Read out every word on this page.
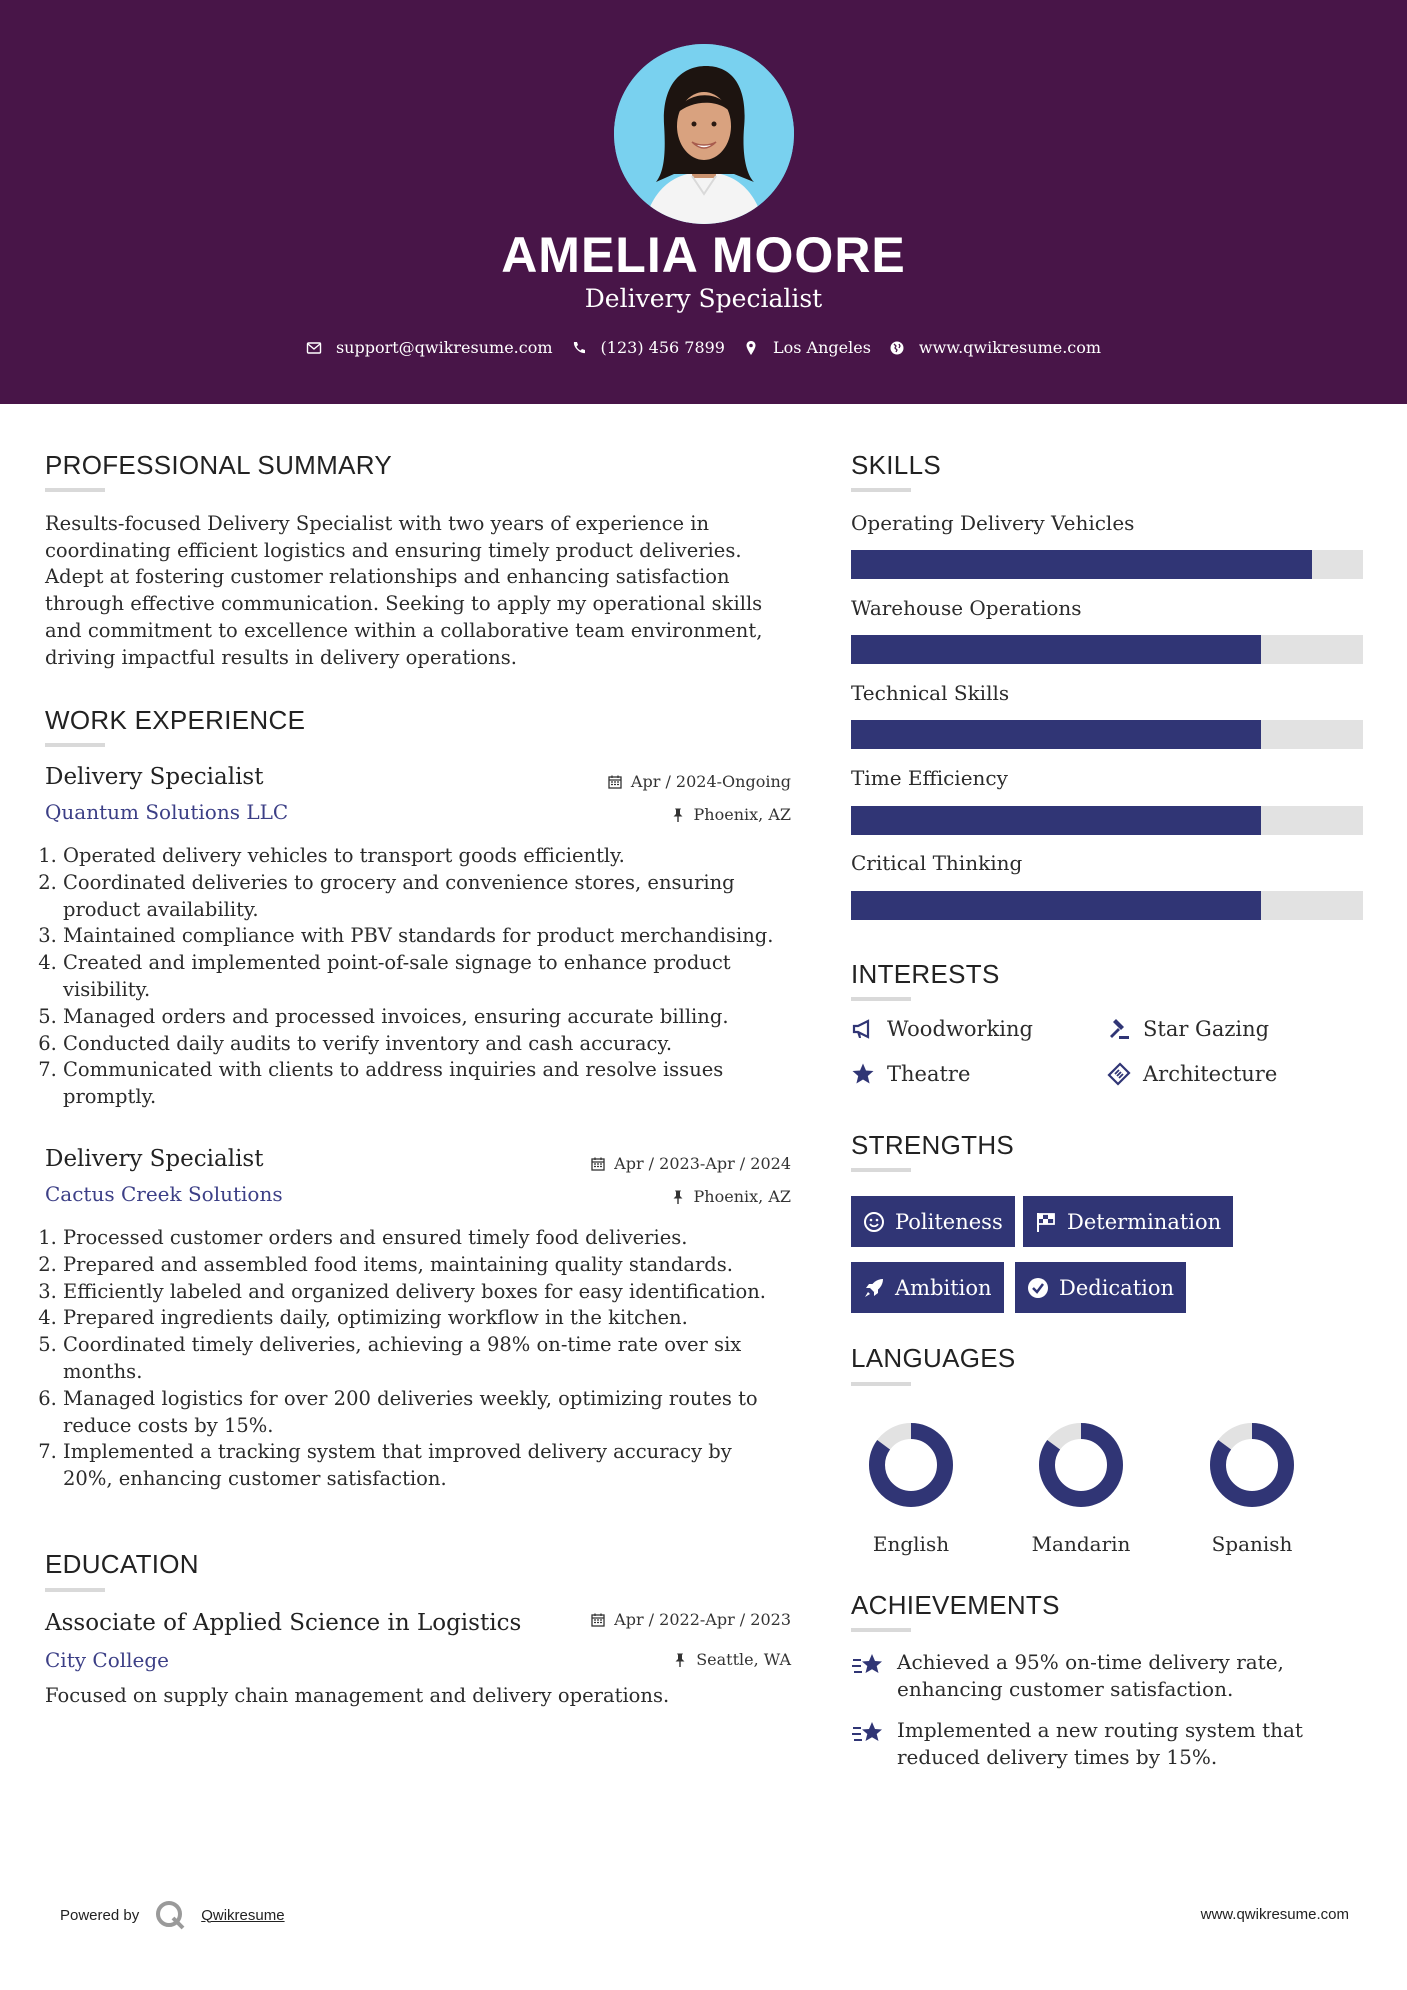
AMELIA MOORE
Delivery Specialist
support@qwikresume.com	(123) 456 7899	Los Angeles	www.qwikresume.com
PROFESSIONAL SUMMARY
Results-focused Delivery Specialist with two years of experience in coordinating efficient logistics and ensuring timely product deliveries. Adept at fostering customer relationships and enhancing satisfaction through effective communication. Seeking to apply my operational skills and commitment to excellence within a collaborative team environment, driving impactful results in delivery operations.
WORK EXPERIENCE
Delivery Specialist	Apr / 2024-Ongoing
Quantum Solutions LLC	Phoenix, AZ
1. Operated delivery vehicles to transport goods efficiently.
2. Coordinated deliveries to grocery and convenience stores, ensuring product availability.
3. Maintained compliance with PBV standards for product merchandising.
4. Created and implemented point-of-sale signage to enhance product visibility.
5. Managed orders and processed invoices, ensuring accurate billing.
6. Conducted daily audits to verify inventory and cash accuracy.
7. Communicated with clients to address inquiries and resolve issues promptly.
Delivery Specialist	Apr / 2023-Apr / 2024
Cactus Creek Solutions	Phoenix, AZ
1. Processed customer orders and ensured timely food deliveries.
2. Prepared and assembled food items, maintaining quality standards.
3. Efficiently labeled and organized delivery boxes for easy identification.
4. Prepared ingredients daily, optimizing workflow in the kitchen.
5. Coordinated timely deliveries, achieving a 98% on-time rate over six months.
6. Managed logistics for over 200 deliveries weekly, optimizing routes to reduce costs by 15%.
7. Implemented a tracking system that improved delivery accuracy by 20%, enhancing customer satisfaction.
EDUCATION
Associate of Applied Science in Logistics	Apr / 2022-Apr / 2023
City College	Seattle, WA
Focused on supply chain management and delivery operations.
SKILLS
Operating Delivery Vehicles
Warehouse Operations
Technical Skills
Time Efficiency
Critical Thinking
INTERESTS
Woodworking	Star Gazing
Theatre	Architecture
STRENGTHS
Politeness	Determination
Ambition	Dedication
LANGUAGES
English	Mandarin	Spanish
ACHIEVEMENTS
Achieved a 95% on-time delivery rate, enhancing customer satisfaction.
Implemented a new routing system that reduced delivery times by 15%.
Powered by	Qwikresume	www.qwikresume.com
